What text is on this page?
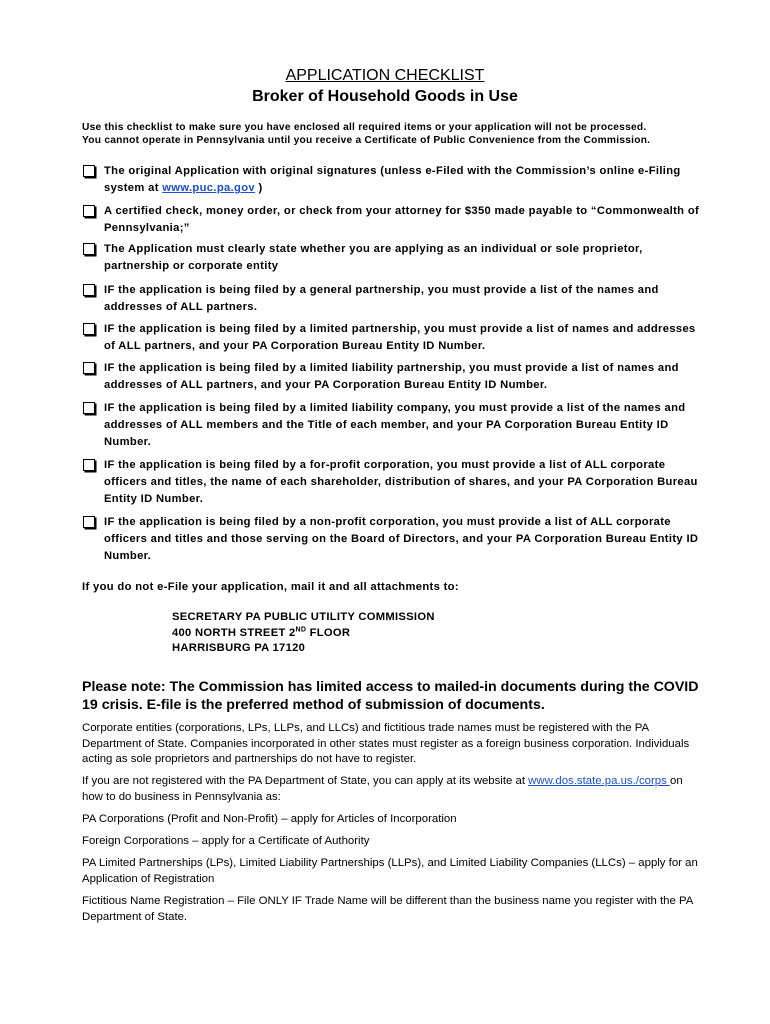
APPLICATION CHECKLIST
Broker of Household Goods in Use
Use this checklist to make sure you have enclosed all required items or your application will not be processed.
You cannot operate in Pennsylvania until you receive a Certificate of Public Convenience from the Commission.
The original Application with original signatures (unless e-Filed with the Commission’s online e-Filing system at www.puc.pa.gov )
A certified check, money order, or check from your attorney for $350 made payable to “Commonwealth of Pennsylvania;”
The Application must clearly state whether you are applying as an individual or sole proprietor, partnership or corporate entity
IF the application is being filed by a general partnership, you must provide a list of the names and addresses of ALL partners.
IF the application is being filed by a limited partnership, you must provide a list of names and addresses of ALL partners, and your PA Corporation Bureau Entity ID Number.
IF the application is being filed by a limited liability partnership, you must provide a list of names and addresses of ALL partners, and your PA Corporation Bureau Entity ID Number.
IF the application is being filed by a limited liability company, you must provide a list of the names and addresses of ALL members and the Title of each member, and your PA Corporation Bureau Entity ID Number.
IF the application is being filed by a for-profit corporation, you must provide a list of ALL corporate officers and titles, the name of each shareholder, distribution of shares, and your PA Corporation Bureau Entity ID Number.
IF the application is being filed by a non-profit corporation, you must provide a list of ALL corporate officers and titles and those serving on the Board of Directors, and your PA Corporation Bureau Entity ID Number.
If you do not e-File your application, mail it and all attachments to:
SECRETARY PA PUBLIC UTILITY COMMISSION
400 NORTH STREET 2ND FLOOR
HARRISBURG PA 17120
Please note: The Commission has limited access to mailed-in documents during the COVID 19 crisis. E-file is the preferred method of submission of documents.
Corporate entities (corporations, LPs, LLPs, and LLCs) and fictitious trade names must be registered with the PA Department of State. Companies incorporated in other states must register as a foreign business corporation. Individuals acting as sole proprietors and partnerships do not have to register.
If you are not registered with the PA Department of State, you can apply at its website at www.dos.state.pa.us./corps on how to do business in Pennsylvania as:
PA Corporations (Profit and Non-Profit) – apply for Articles of Incorporation
Foreign Corporations – apply for a Certificate of Authority
PA Limited Partnerships (LPs), Limited Liability Partnerships (LLPs), and Limited Liability Companies (LLCs) – apply for an Application of Registration
Fictitious Name Registration – File ONLY IF Trade Name will be different than the business name you register with the PA Department of State.
